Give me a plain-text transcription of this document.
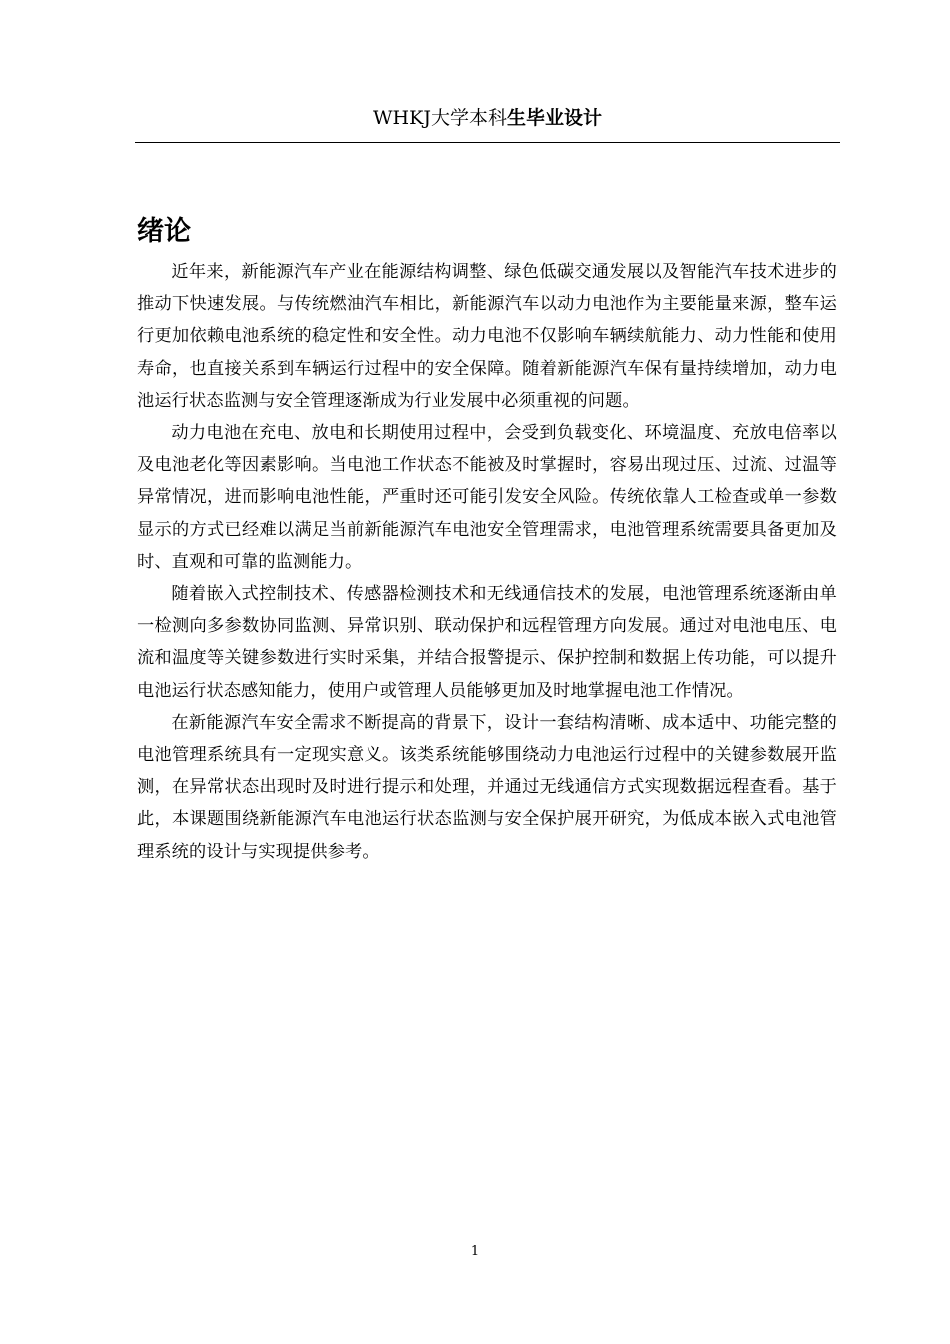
WHKJ大学本科生毕业设计
绪论

近年来，新能源汽车产业在能源结构调整、绿色低碳交通发展以及智能汽车技术进步的推动下快速发展。与传统燃油汽车相比，新能源汽车以动力电池作为主要能量来源，整车运行更加依赖电池系统的稳定性和安全性。动力电池不仅影响车辆续航能力、动力性能和使用寿命，也直接关系到车辆运行过程中的安全保障。随着新能源汽车保有量持续增加，动力电池运行状态监测与安全管理逐渐成为行业发展中必须重视的问题。

动力电池在充电、放电和长期使用过程中，会受到负载变化、环境温度、充放电倍率以及电池老化等因素影响。当电池工作状态不能被及时掌握时，容易出现过压、过流、过温等异常情况，进而影响电池性能，严重时还可能引发安全风险。传统依靠人工检查或单一参数显示的方式已经难以满足当前新能源汽车电池安全管理需求，电池管理系统需要具备更加及时、直观和可靠的监测能力。

随着嵌入式控制技术、传感器检测技术和无线通信技术的发展，电池管理系统逐渐由单一检测向多参数协同监测、异常识别、联动保护和远程管理方向发展。通过对电池电压、电流和温度等关键参数进行实时采集，并结合报警提示、保护控制和数据上传功能，可以提升电池运行状态感知能力，使用户或管理人员能够更加及时地掌握电池工作情况。

在新能源汽车安全需求不断提高的背景下，设计一套结构清晰、成本适中、功能完整的电池管理系统具有一定现实意义。该类系统能够围绕动力电池运行过程中的关键参数展开监测，在异常状态出现时及时进行提示和处理，并通过无线通信方式实现数据远程查看。基于此，本课题围绕新能源汽车电池运行状态监测与安全保护展开研究，为低成本嵌入式电池管理系统的设计与实现提供参考。

1
